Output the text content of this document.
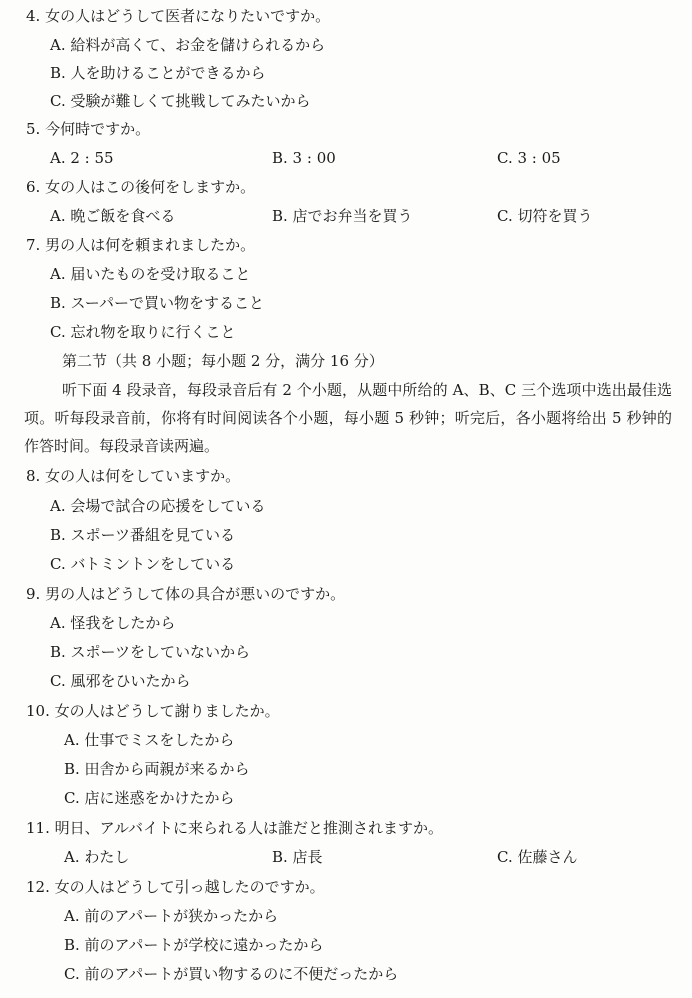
4. 女の人はどうして医者になりたいですか。
A. 給料が高くて、お金を儲けられるから
B. 人を助けることができるから
C. 受験が難しくて挑戦してみたいから
5. 今何時ですか。
A. 2 : 55	B. 3 : 00	C. 3 : 05
6. 女の人はこの後何をしますか。
A. 晩ご飯を食べる	B. 店でお弁当を買う	C. 切符を買う
7. 男の人は何を頼まれましたか。
A. 届いたものを受け取ること
B. スーパーで買い物をすること
C. 忘れ物を取りに行くこと
第二节（共 8 小题；每小题 2 分，满分 16 分）
听下面 4 段录音，每段录音后有 2 个小题，从题中所给的 A、B、C 三个选项中选出最佳选项。听每段录音前，你将有时间阅读各个小题，每小题 5 秒钟；听完后，各小题将给出 5 秒钟的作答时间。每段录音读两遍。
8. 女の人は何をしていますか。
A. 会場で試合の応援をしている
B. スポーツ番組を見ている
C. バトミントンをしている
9. 男の人はどうして体の具合が悪いのですか。
A. 怪我をしたから
B. スポーツをしていないから
C. 風邪をひいたから
10. 女の人はどうして謝りましたか。
A. 仕事でミスをしたから
B. 田舎から両親が来るから
C. 店に迷惑をかけたから
11. 明日、アルバイトに来られる人は誰だと推測されますか。
A. わたし	B. 店長	C. 佐藤さん
12. 女の人はどうして引っ越したのですか。
A. 前のアパートが狭かったから
B. 前のアパートが学校に遠かったから
C. 前のアパートが買い物するのに不便だったから
